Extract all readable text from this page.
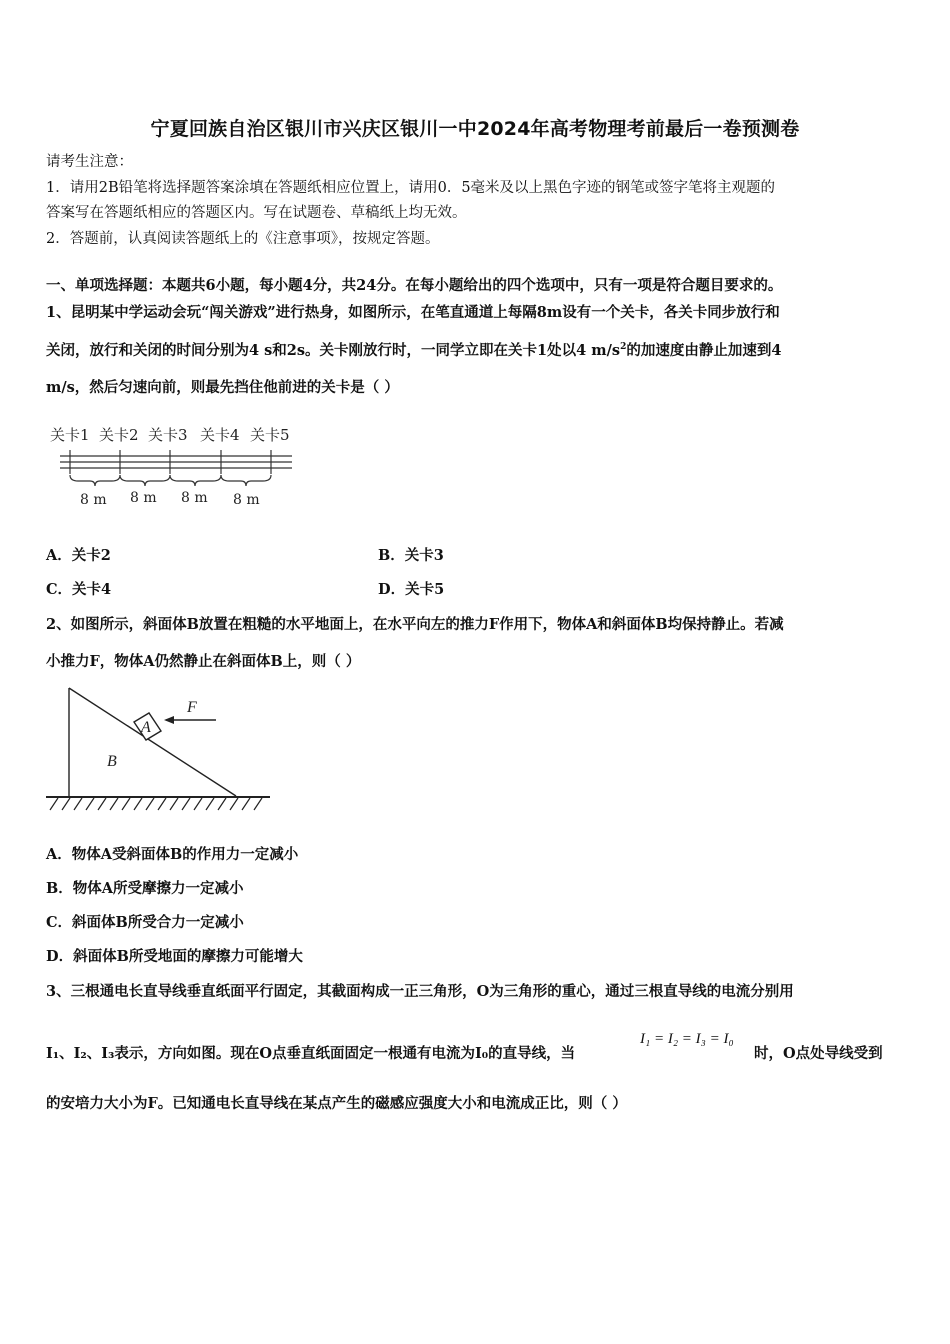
宁夏回族自治区银川市兴庆区银川一中2024年高考物理考前最后一卷预测卷
请考生注意：
1．请用2B铅笔将选择题答案涂填在答题纸相应位置上，请用0．5毫米及以上黑色字迹的钢笔或签字笔将主观题的
答案写在答题纸相应的答题区内。写在试题卷、草稿纸上均无效。
2．答题前，认真阅读答题纸上的《注意事项》，按规定答题。
一、单项选择题：本题共6小题，每小题4分，共24分。在每小题给出的四个选项中，只有一项是符合题目要求的。
1、昆明某中学运动会玩“闯关游戏”进行热身，如图所示，在笔直通道上每隔8m设有一个关卡，各关卡同步放行和
关闭，放行和关闭的时间分别为4 s和2s。关卡刚放行时，一同学立即在关卡1处以4 $m/s^2$的加速度由静止加速到4
m/s，然后匀速向前，则最先挡住他前进的关卡是（ ）
关卡1 关卡2 关卡3 关卡4 关卡5
8 m 8 m 8 m 8 m
A．关卡2	B．关卡3
C．关卡4	D．关卡5
2、如图所示，斜面体B放置在粗糙的水平地面上，在水平向左的推力F作用下，物体A和斜面体B均保持静止。若减
小推力F，物体A仍然静止在斜面体B上，则（ ）
A
B
F
A．物体A受斜面体B的作用力一定减小
B．物体A所受摩擦力一定减小
C．斜面体B所受合力一定减小
D．斜面体B所受地面的摩擦力可能增大
3、三根通电长直导线垂直纸面平行固定，其截面构成一正三角形，O为三角形的重心，通过三根直导线的电流分别用
I₁、I₂、I₃表示，方向如图。现在O点垂直纸面固定一根通有电流为I₀的直导线，当
I₁ = I₂ = I₃ = I₀
时，O点处导线受到
的安培力大小为F。已知通电长直导线在某点产生的磁感应强度大小和电流成正比，则（ ）
